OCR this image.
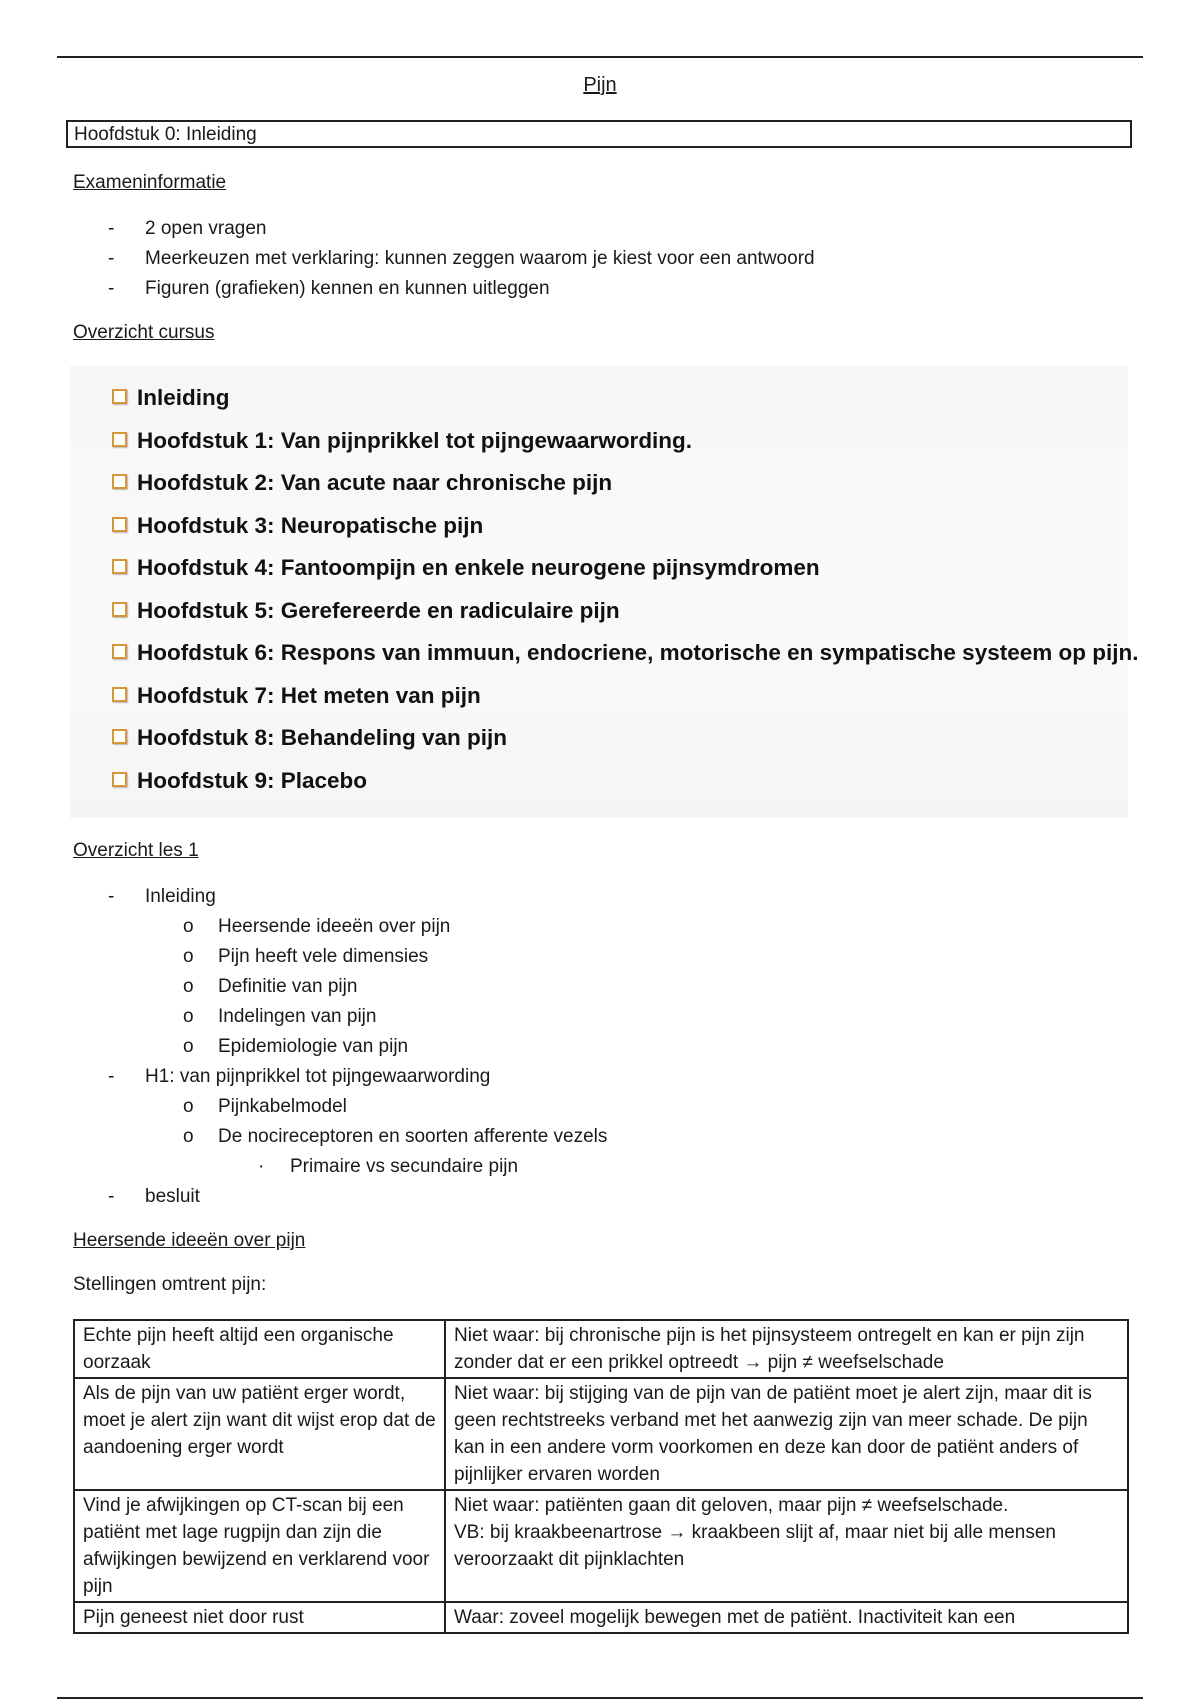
Pijn
Hoofdstuk 0: Inleiding
Exameninformatie
- 2 open vragen
- Meerkeuzen met verklaring: kunnen zeggen waarom je kiest voor een antwoord
- Figuren (grafieken) kennen en kunnen uitleggen
Overzicht cursus
Inleiding
Hoofdstuk 1: Van pijnprikkel tot pijngewaarwording.
Hoofdstuk 2: Van acute naar chronische pijn
Hoofdstuk 3: Neuropatische pijn
Hoofdstuk 4: Fantoompijn en enkele neurogene pijnsymdromen
Hoofdstuk 5: Gerefereerde en radiculaire pijn
Hoofdstuk 6: Respons van immuun, endocriene, motorische en sympatische systeem op pijn.
Hoofdstuk 7: Het meten van pijn
Hoofdstuk 8: Behandeling van pijn
Hoofdstuk 9: Placebo
Overzicht les 1
- Inleiding
o Heersende ideeën over pijn
o Pijn heeft vele dimensies
o Definitie van pijn
o Indelingen van pijn
o Epidemiologie van pijn
- H1: van pijnprikkel tot pijngewaarwording
o Pijnkabelmodel
o De nocireceptoren en soorten afferente vezels
· Primaire vs secundaire pijn
- besluit
Heersende ideeën over pijn
Stellingen omtrent pijn:
Echte pijn heeft altijd een organische oorzaak	Niet waar: bij chronische pijn is het pijnsysteem ontregelt en kan er pijn zijn zonder dat er een prikkel optreedt → pijn ≠ weefselschade
Als de pijn van uw patiënt erger wordt, moet je alert zijn want dit wijst erop dat de aandoening erger wordt	Niet waar: bij stijging van de pijn van de patiënt moet je alert zijn, maar dit is geen rechtstreeks verband met het aanwezig zijn van meer schade. De pijn kan in een andere vorm voorkomen en deze kan door de patiënt anders of pijnlijker ervaren worden
Vind je afwijkingen op CT-scan bij een patiënt met lage rugpijn dan zijn die afwijkingen bewijzend en verklarend voor pijn	Niet waar: patiënten gaan dit geloven, maar pijn ≠ weefselschade.
VB: bij kraakbeenartrose → kraakbeen slijt af, maar niet bij alle mensen veroorzaakt dit pijnklachten

Pijn geneest niet door rust	Waar: zoveel mogelijk bewegen met de patiënt. Inactiviteit kan een
